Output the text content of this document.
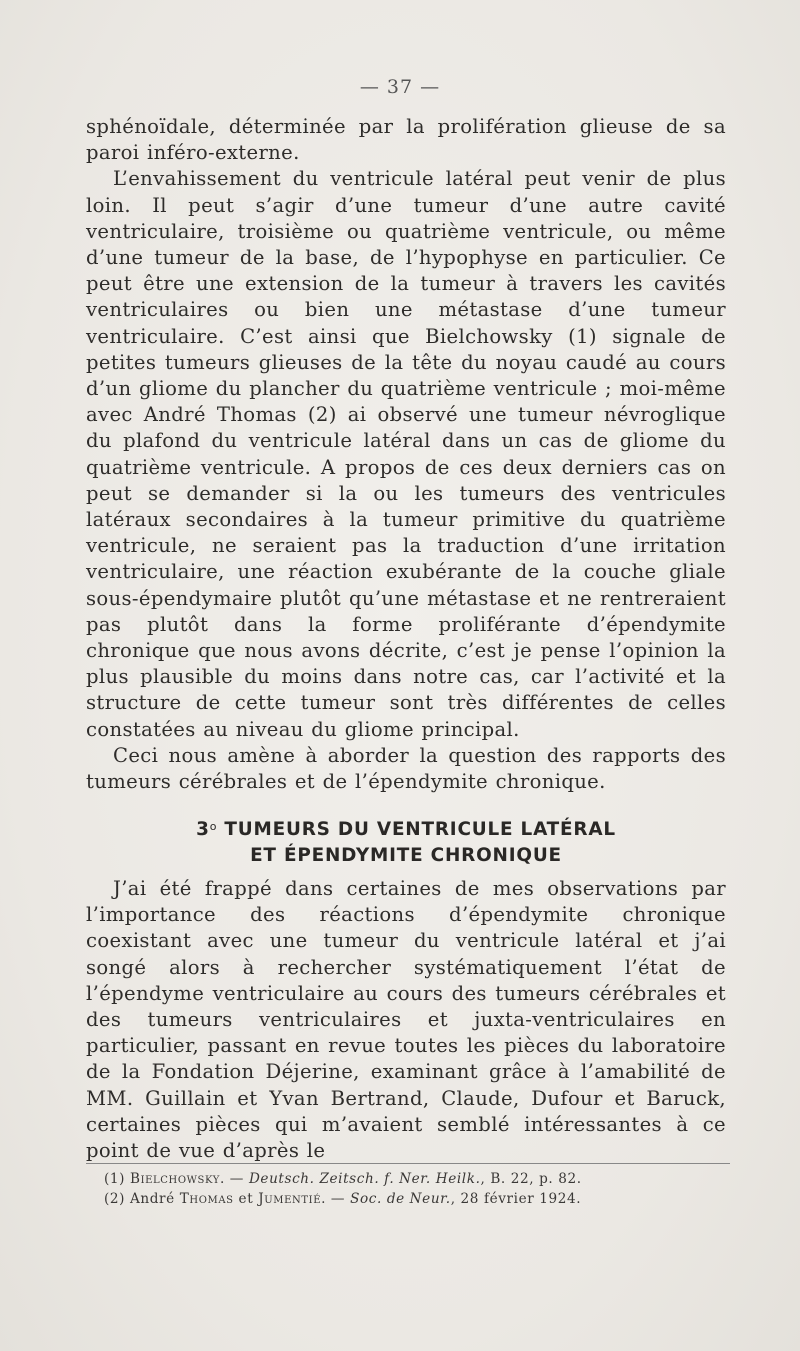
— 37 —

sphénoïdale, déterminée par la prolifération glieuse de sa paroi inféro-externe.

L’envahissement du ventricule latéral peut venir de plus loin. Il peut s’agir d’une tumeur d’une autre cavité ventriculaire, troisième ou quatrième ventricule, ou même d’une tumeur de la base, de l’hypophyse en particulier. Ce peut être une extension de la tumeur à travers les cavités ventriculaires ou bien une métastase d’une tumeur ventriculaire. C’est ainsi que Bielchowsky (1) signale de petites tumeurs glieuses de la tête du noyau caudé au cours d’un gliome du plancher du quatrième ventricule ; moi-même avec André Thomas (2) ai observé une tumeur névroglique du plafond du ventricule latéral dans un cas de gliome du quatrième ventricule. A propos de ces deux derniers cas on peut se demander si la ou les tumeurs des ventricules latéraux secondaires à la tumeur primitive du quatrième ventricule, ne seraient pas la traduction d’une irritation ventriculaire, une réaction exubérante de la couche gliale sous-épendymaire plutôt qu’une métastase et ne rentreraient pas plutôt dans la forme proliférante d’épendymite chronique que nous avons décrite, c’est je pense l’opinion la plus plausible du moins dans notre cas, car l’activité et la structure de cette tumeur sont très différentes de celles constatées au niveau du gliome principal.

Ceci nous amène à aborder la question des rapports des tumeurs cérébrales et de l’épendymite chronique.

3$^o$ TUMEURS DU VENTRICULE LATÉRAL
ET ÉPENDYMITE CHRONIQUE

J’ai été frappé dans certaines de mes observations par l’importance des réactions d’épendymite chronique coexistant avec une tumeur du ventricule latéral et j’ai songé alors à rechercher systématiquement l’état de l’épendyme ventriculaire au cours des tumeurs cérébrales et des tumeurs ventriculaires et juxta-ventriculaires en particulier, passant en revue toutes les pièces du laboratoire de la Fondation Déjerine, examinant grâce à l’amabilité de MM. Guillain et Yvan Bertrand, Claude, Dufour et Baruck, certaines pièces qui m’avaient semblé intéressantes à ce point de vue d’après le

(1) Bielchowsky. — Deutsch. Zeitsch. f. Ner. Heilk., B. 22, p. 82.
(2) André Thomas et Jumentié. — Soc. de Neur., 28 février 1924.
